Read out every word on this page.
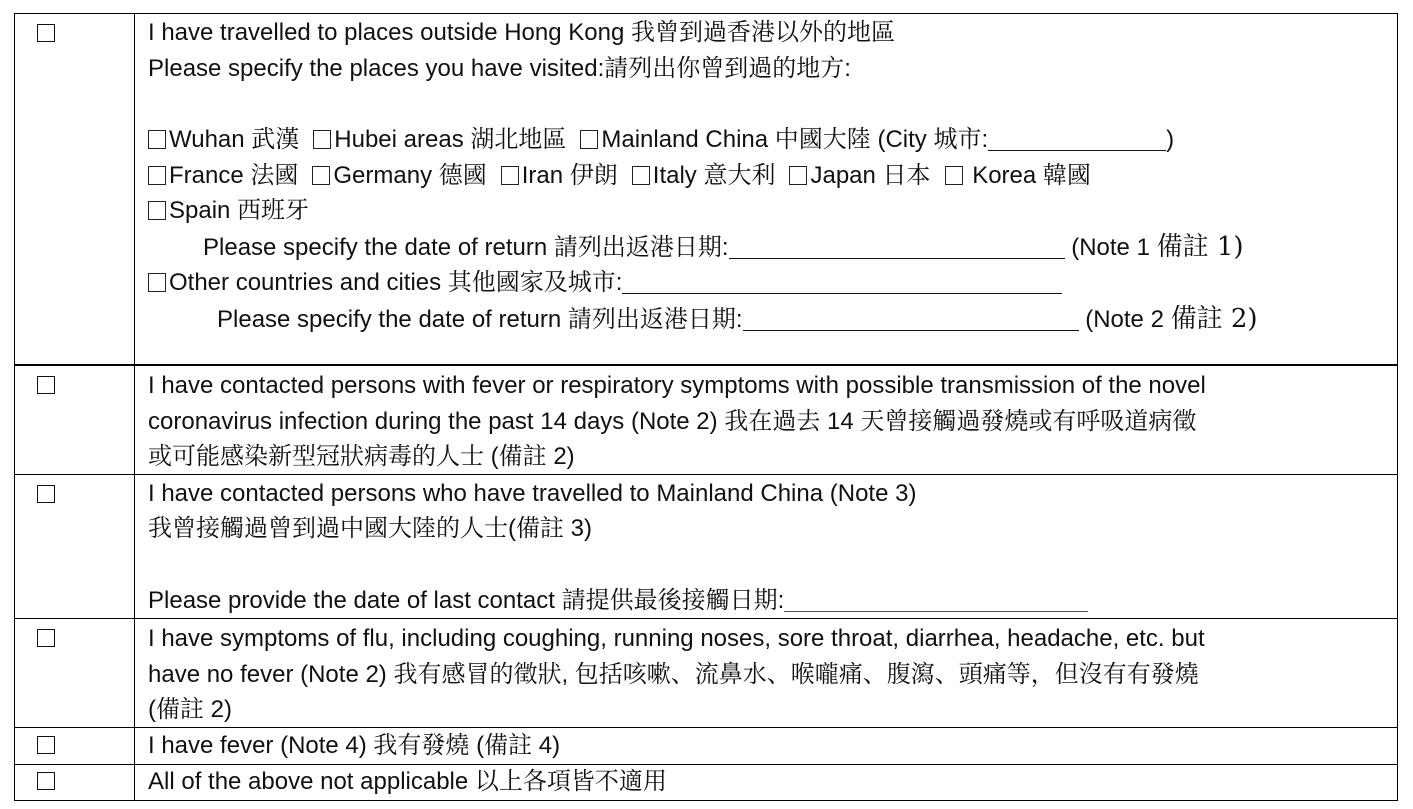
I have travelled to places outside Hong Kong 我曾到過香港以外的地區
Please specify the places you have visited:請列出你曾到過的地方:
Wuhan 武漢 Hubei areas 湖北地區 Mainland China 中國大陸 (City 城市:	)
France 法國 Germany 德國 Iran 伊朗 Italy 意大利 Japan 日本 Korea 韓國
Spain 西班牙
Please specify the date of return 請列出返港日期:	(Note 1 備註 1)
Other countries and cities 其他國家及城市:
Please specify the date of return 請列出返港日期:	(Note 2 備註 2)
I have contacted persons with fever or respiratory symptoms with possible transmission of the novel
coronavirus infection during the past 14 days (Note 2) 我在過去 14 天曾接觸過發燒或有呼吸道病徵
或可能感染新型冠狀病毒的人士 (備註 2)
I have contacted persons who have travelled to Mainland China (Note 3)
我曾接觸過曾到過中國大陸的人士(備註 3)
Please provide the date of last contact 請提供最後接觸日期:
I have symptoms of flu, including coughing, running noses, sore throat, diarrhea, headache, etc. but
have no fever (Note 2) 我有感冒的徵狀, 包括咳嗽、流鼻水、喉嚨痛、腹瀉、頭痛等，但沒有有發燒
(備註 2)
I have fever (Note 4) 我有發燒 (備註 4)
All of the above not applicable 以上各項皆不適用
